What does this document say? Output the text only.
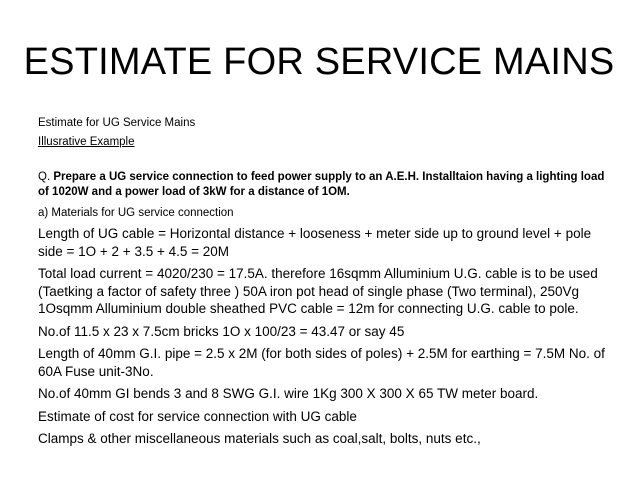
ESTIMATE FOR SERVICE MAINS

Estimate for UG Service Mains

Illusrative Example

Q. Prepare a UG service connection to feed power supply to an A.E.H. Installtaion having a lighting load of 1020W and a power load of 3kW for a distance of 1OM.

a) Materials for UG service connection

Length of UG cable = Horizontal distance + looseness + meter side up to ground level + pole side = 1O + 2 + 3.5 + 4.5 = 20M

Total load current = 4020/230 = 17.5A. therefore 16sqmm Alluminium U.G. cable is to be used (Taetking a factor of safety three ) 50A iron pot head of single phase (Two terminal), 250Vg 1Osqmm Alluminium double sheathed PVC cable = 12m for connecting U.G. cable to pole.

No.of 11.5 x 23 x 7.5cm bricks 1O x 100/23 = 43.47 or say 45

Length of 40mm G.I. pipe = 2.5 x 2M (for both sides of poles) + 2.5M for earthing = 7.5M No. of 60A Fuse unit-3No.

No.of 40mm GI bends 3 and 8 SWG G.I. wire 1Kg 300 X 300 X 65 TW meter board.

Estimate of cost for service connection with UG cable

Clamps & other miscellaneous materials such as coal,salt, bolts, nuts etc.,
